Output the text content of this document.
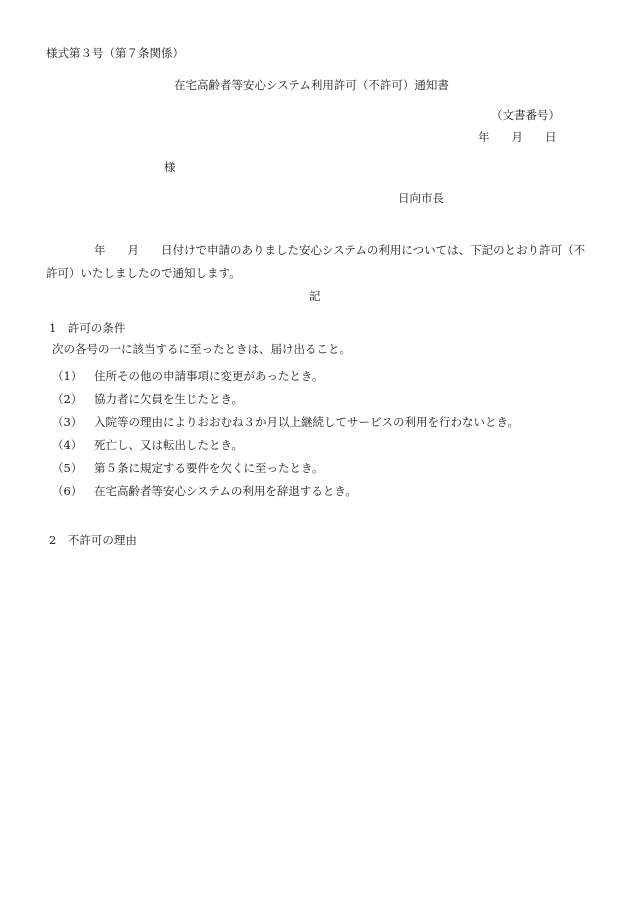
様式第３号（第７条関係）

在宅高齢者等安心システム利用許可（不許可）通知書

（文書番号）

年 月 日

様

日向市長

年 月 日付けで申請のありました安心システムの利用については、下記のとおり許可（不許可）いたしましたので通知します。

記

1　許可の条件

次の各号の一に該当するに至ったときは、届け出ること。

（1） 住所その他の申請事項に変更があったとき。
（2） 協力者に欠員を生じたとき。
（3） 入院等の理由によりおおむね３か月以上継続してサービスの利用を行わないとき。
（4） 死亡し、又は転出したとき。
（5） 第５条に規定する要件を欠くに至ったとき。
（6） 在宅高齢者等安心システムの利用を辞退するとき。

2　不許可の理由
